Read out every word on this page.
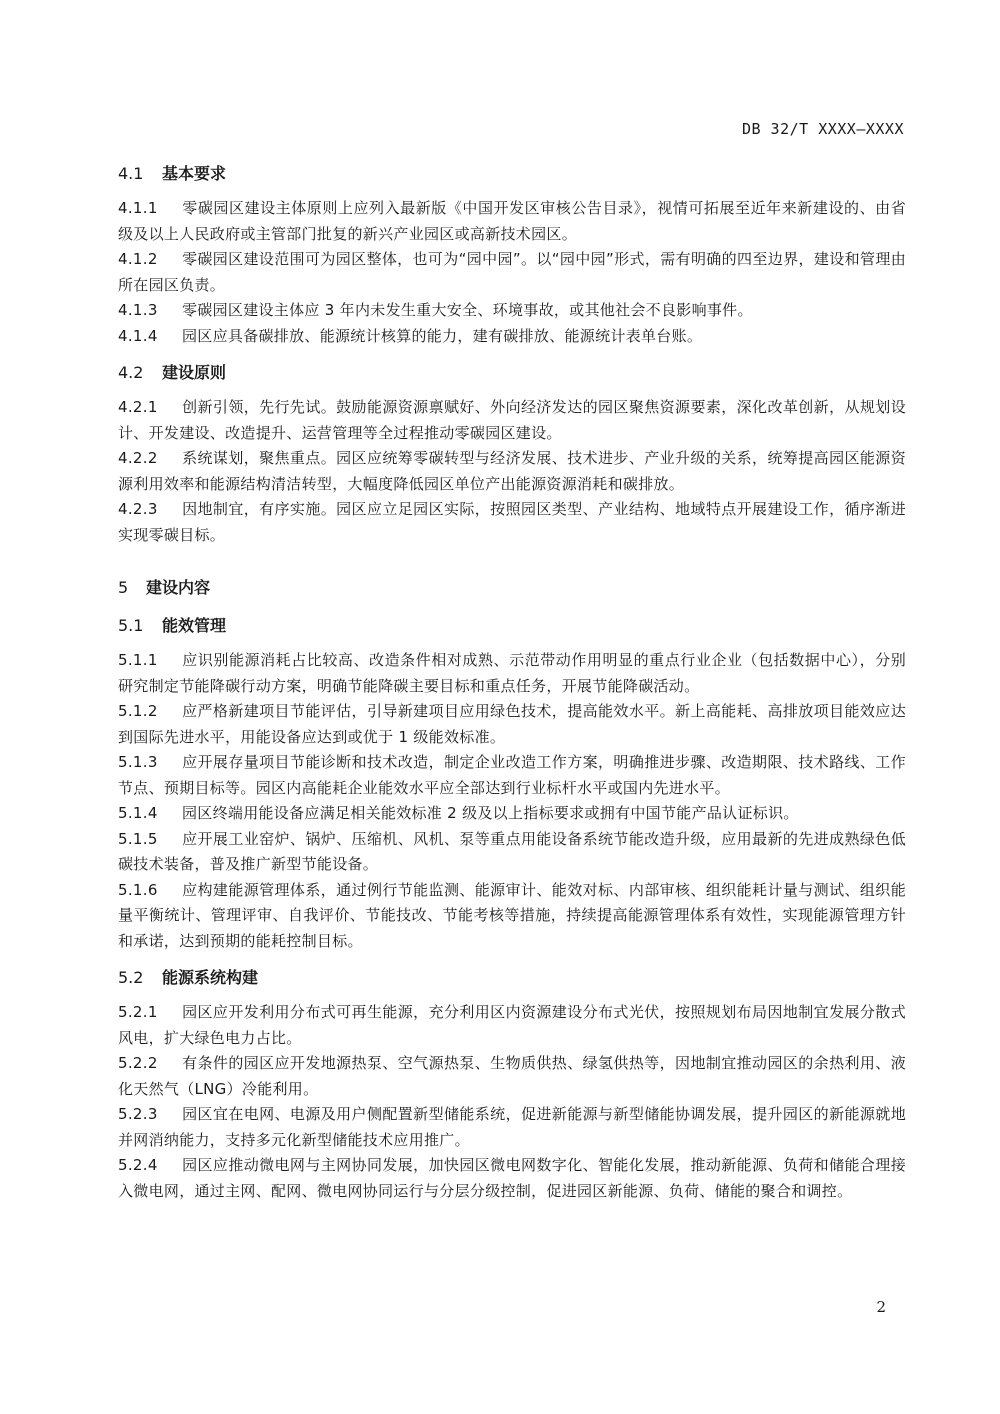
DB 32/T XXXX—XXXX
4.1 基本要求

4.1.1 零碳园区建设主体原则上应列入最新版《中国开发区审核公告目录》，视情可拓展至近年来新建设的、由省级及以上人民政府或主管部门批复的新兴产业园区或高新技术园区。

4.1.2 零碳园区建设范围可为园区整体，也可为“园中园”。以“园中园”形式，需有明确的四至边界，建设和管理由所在园区负责。

4.1.3 零碳园区建设主体应 3 年内未发生重大安全、环境事故，或其他社会不良影响事件。

4.1.4 园区应具备碳排放、能源统计核算的能力，建有碳排放、能源统计表单台账。

4.2 建设原则

4.2.1 创新引领，先行先试。鼓励能源资源禀赋好、外向经济发达的园区聚焦资源要素，深化改革创新，从规划设计、开发建设、改造提升、运营管理等全过程推动零碳园区建设。

4.2.2 系统谋划，聚焦重点。园区应统筹零碳转型与经济发展、技术进步、产业升级的关系，统筹提高园区能源资源利用效率和能源结构清洁转型，大幅度降低园区单位产出能源资源消耗和碳排放。

4.2.3 因地制宜，有序实施。园区应立足园区实际，按照园区类型、产业结构、地域特点开展建设工作，循序渐进实现零碳目标。

5 建设内容
5.1 能效管理

5.1.1 应识别能源消耗占比较高、改造条件相对成熟、示范带动作用明显的重点行业企业（包括数据中心），分别研究制定节能降碳行动方案，明确节能降碳主要目标和重点任务，开展节能降碳活动。

5.1.2 应严格新建项目节能评估，引导新建项目应用绿色技术，提高能效水平。新上高能耗、高排放项目能效应达到国际先进水平，用能设备应达到或优于 1 级能效标准。

5.1.3 应开展存量项目节能诊断和技术改造，制定企业改造工作方案，明确推进步骤、改造期限、技术路线、工作节点、预期目标等。园区内高能耗企业能效水平应全部达到行业标杆水平或国内先进水平。

5.1.4 园区终端用能设备应满足相关能效标准 2 级及以上指标要求或拥有中国节能产品认证标识。

5.1.5 应开展工业窑炉、锅炉、压缩机、风机、泵等重点用能设备系统节能改造升级，应用最新的先进成熟绿色低碳技术装备，普及推广新型节能设备。

5.1.6 应构建能源管理体系，通过例行节能监测、能源审计、能效对标、内部审核、组织能耗计量与测试、组织能量平衡统计、管理评审、自我评价、节能技改、节能考核等措施，持续提高能源管理体系有效性，实现能源管理方针和承诺，达到预期的能耗控制目标。

5.2 能源系统构建

5.2.1 园区应开发利用分布式可再生能源，充分利用区内资源建设分布式光伏，按照规划布局因地制宜发展分散式风电，扩大绿色电力占比。

5.2.2 有条件的园区应开发地源热泵、空气源热泵、生物质供热、绿氢供热等，因地制宜推动园区的余热利用、液化天然气（LNG）冷能利用。

5.2.3 园区宜在电网、电源及用户侧配置新型储能系统，促进新能源与新型储能协调发展，提升园区的新能源就地并网消纳能力，支持多元化新型储能技术应用推广。

5.2.4 园区应推动微电网与主网协同发展，加快园区微电网数字化、智能化发展，推动新能源、负荷和储能合理接入微电网，通过主网、配网、微电网协同运行与分层分级控制，促进园区新能源、负荷、储能的聚合和调控。

2
